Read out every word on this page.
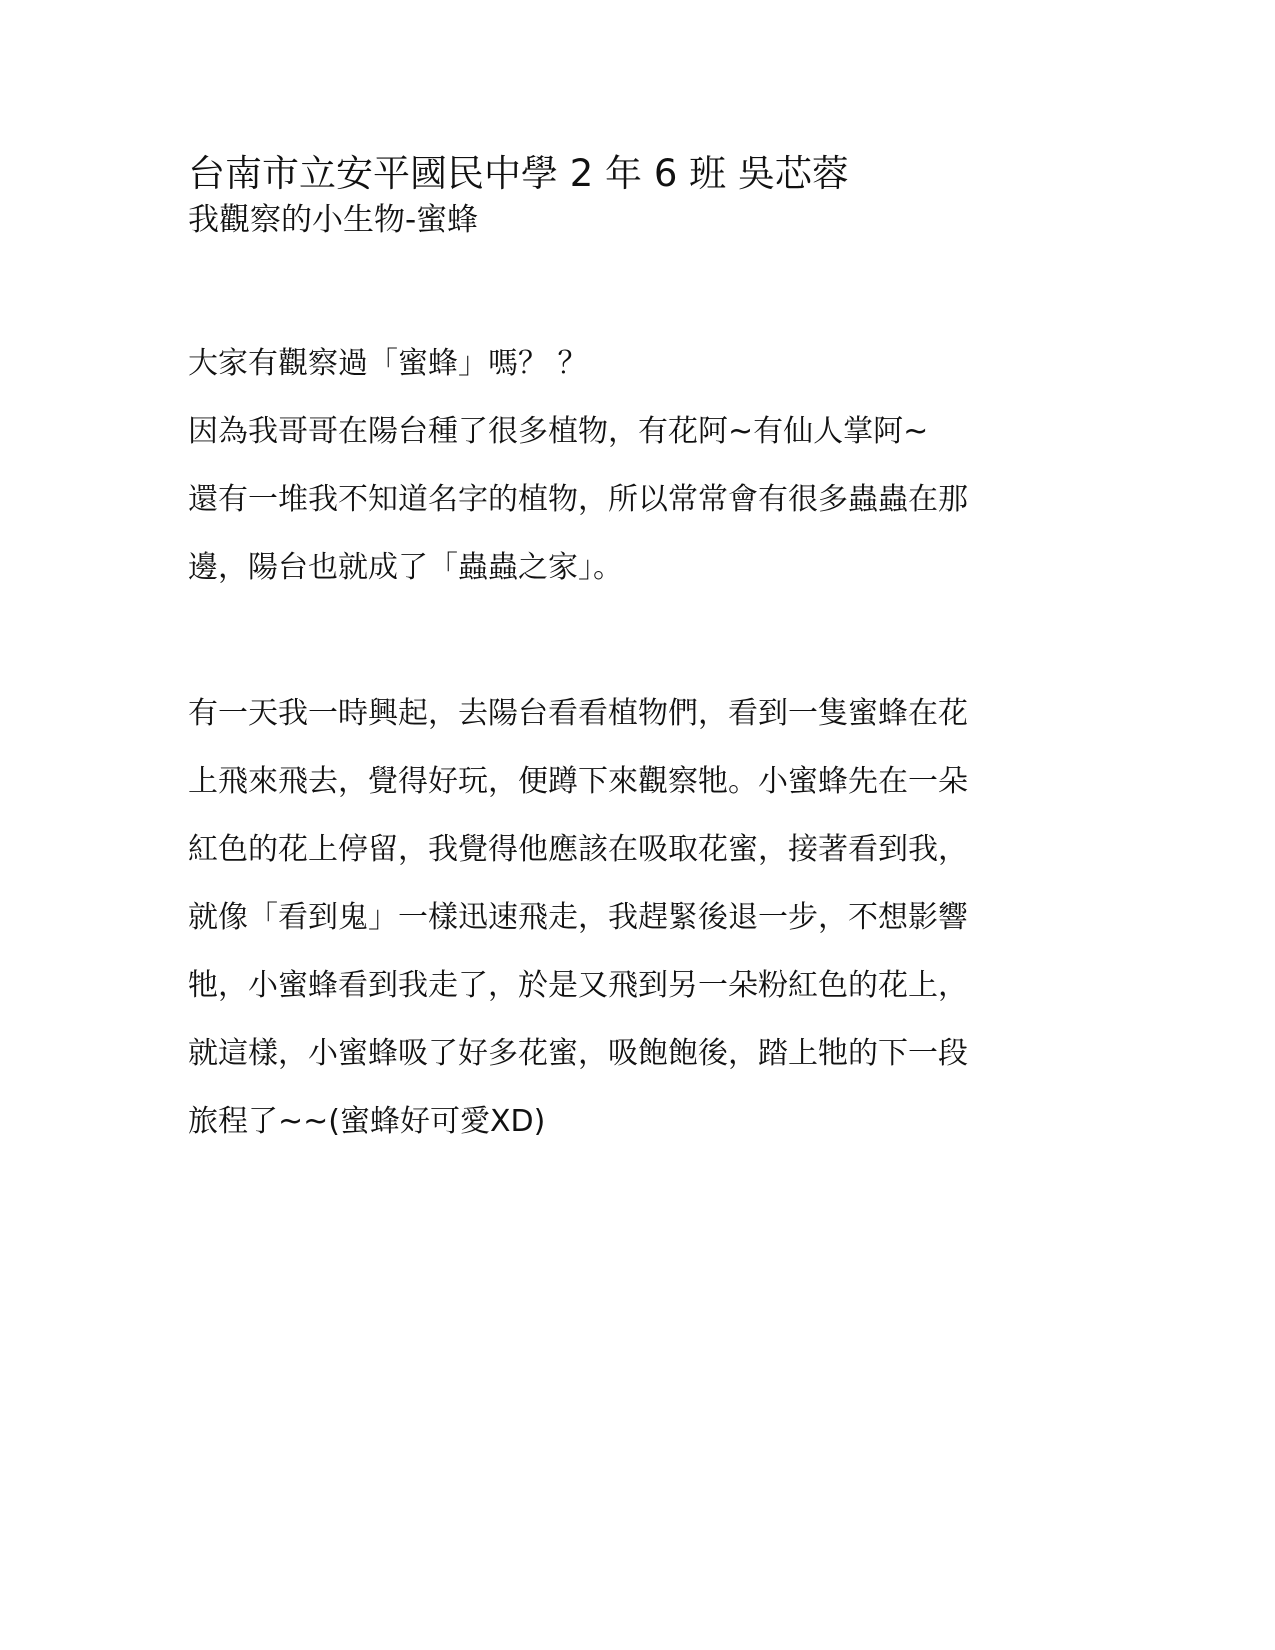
台南市立安平國民中學 2 年 6 班 吳芯蓉

我觀察的小生物-蜜蜂

大家有觀察過「蜜蜂」嗎？ ？

因為我哥哥在陽台種了很多植物，有花阿~有仙人掌阿~

還有一堆我不知道名字的植物，所以常常會有很多蟲蟲在那

邊，陽台也就成了「蟲蟲之家」。

有一天我一時興起，去陽台看看植物們，看到一隻蜜蜂在花

上飛來飛去，覺得好玩，便蹲下來觀察牠。小蜜蜂先在一朵

紅色的花上停留，我覺得他應該在吸取花蜜，接著看到我，

就像「看到鬼」一樣迅速飛走，我趕緊後退一步，不想影響

牠，小蜜蜂看到我走了，於是又飛到另一朵粉紅色的花上，

就這樣，小蜜蜂吸了好多花蜜，吸飽飽後，踏上牠的下一段

旅程了~~(蜜蜂好可愛XD)
